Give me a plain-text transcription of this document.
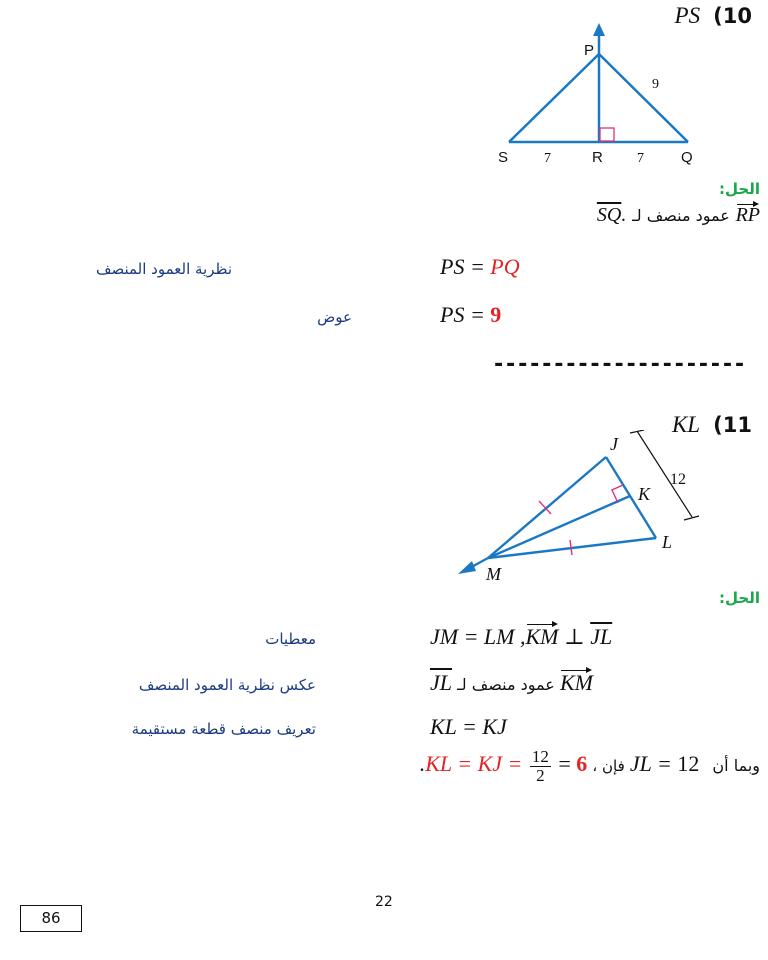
PS (10
P
9
S	7	R 7 Q
الحل:
$\overline{SQ}$. عمود منصف لـ RP
PS = PQ
نظرية العمود المنصف
PS = 9
عوض
---------------------
KL (11
12
J
K
L
M
الحل:
JM = LM ,KM ⊥ $\overline{JL}$
معطيات
$\overline{JL}$ عمود منصف لـ KM
عكس نظرية العمود المنصف
KL = KJ
تعريف منصف قطعة مستقيمة
.KL = KJ = $\frac{12}{2} = 6$ ، فإن JL = 12 وبما أن
22
86
